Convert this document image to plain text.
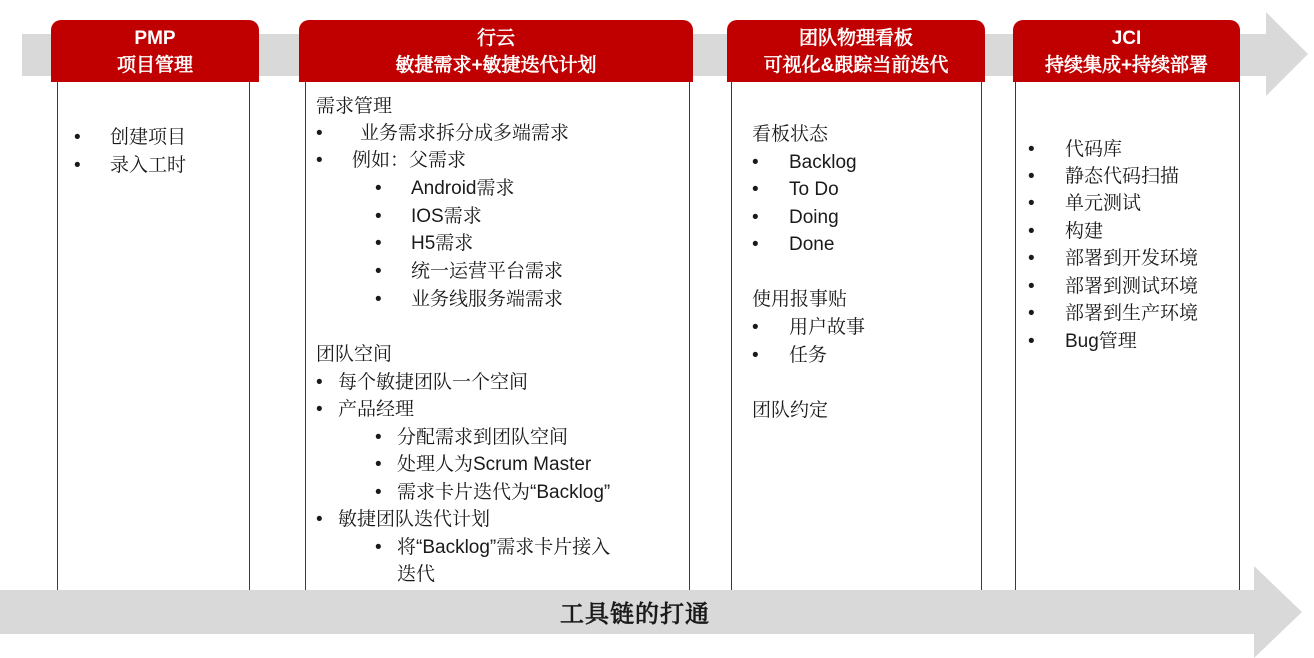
PMP
项目管理
创建项目
录入工时
行云
敏捷需求+敏捷迭代计划
需求管理
业务需求拆分成多端需求
例如：父需求
Android需求
IOS需求
H5需求
统一运营平台需求
业务线服务端需求
团队空间
每个敏捷团队一个空间
产品经理
分配需求到团队空间
处理人为Scrum Master
需求卡片迭代为“Backlog”
敏捷团队迭代计划
将“Backlog”需求卡片接入
迭代
团队物理看板
可视化&跟踪当前迭代
看板状态
Backlog
To Do
Doing
Done
使用报事贴
用户故事
任务
团队约定
JCI
持续集成+持续部署
代码库
静态代码扫描
单元测试
构建
部署到开发环境
部署到测试环境
部署到生产环境
Bug管理
工具链的打通
